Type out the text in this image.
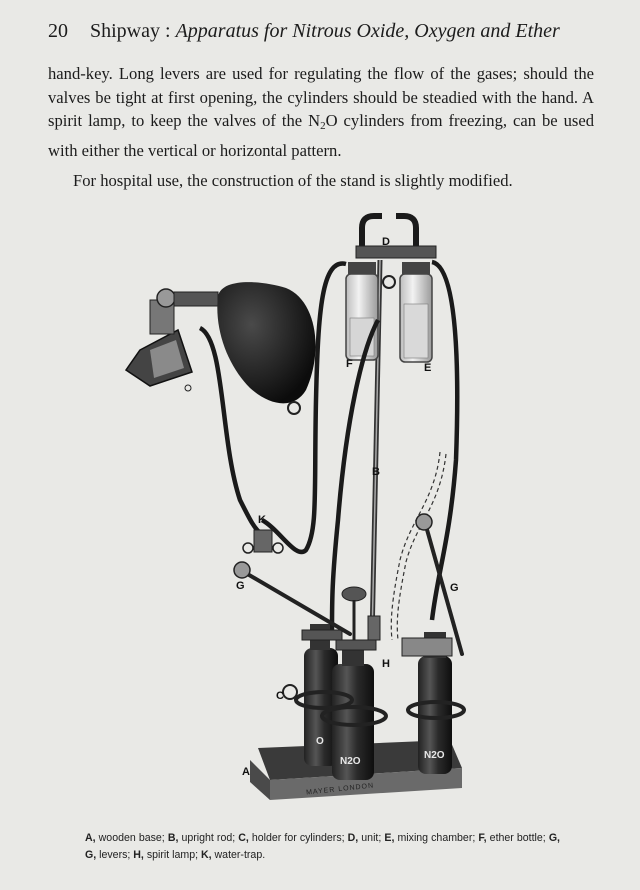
20 Shipway : Apparatus for Nitrous Oxide, Oxygen and Ether
hand-key. Long levers are used for regulating the flow of the gases; should the valves be tight at first opening, the cylinders should be steadied with the hand. A spirit lamp, to keep the valves of the N2O cylinders from freezing, can be used with either the vertical or horizontal pattern.
For hospital use, the construction of the stand is slightly modified.
D
F	E
B
K
G	G
H
C
A
O
N2O
N2O
MAYER LONDON
A, wooden base; B, upright rod; C, holder for cylinders; D, unit; E, mixing chamber; F, ether bottle; G, G, levers; H, spirit lamp; K, water-trap.
